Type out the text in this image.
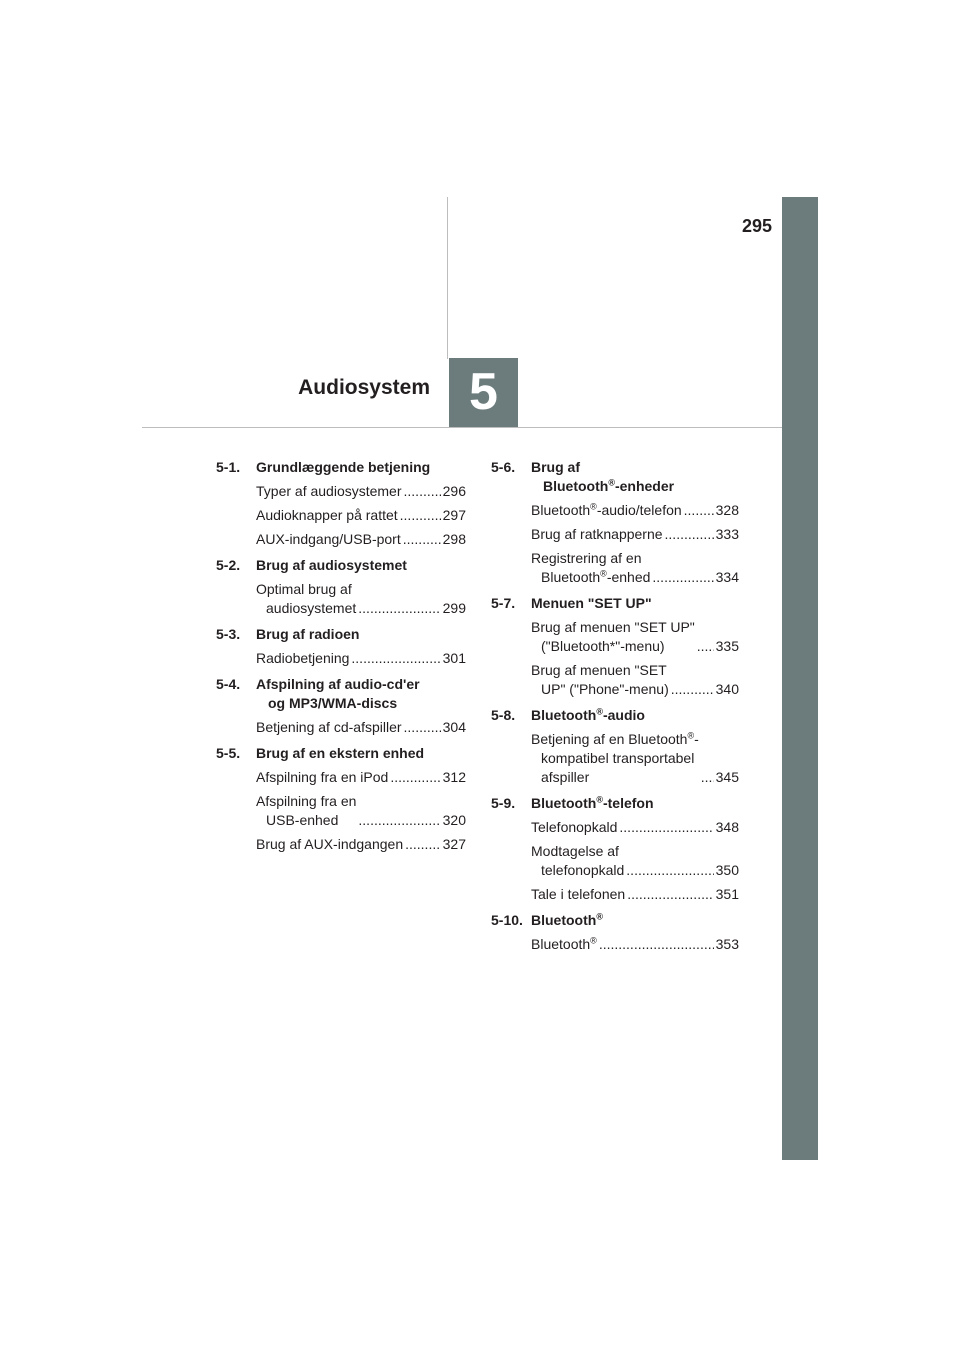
295
Audiosystem 5
5-1.	Grundlæggende betjening
Typer af audiosystemer .....	296
Audioknapper på rattet .....	297
AUX-indgang/USB-port .....	298
5-2.	Brug af audiosystemet
Optimal brug af
audiosystemet .....	299
5-3.	Brug af radioen
Radiobetjening .....	301
5-4.	Afspilning af audio-cd'er
og MP3/WMA-discs
Betjening af cd-afspiller .....	304
5-5.	Brug af en ekstern enhed
Afspilning fra en iPod .....	312
Afspilning fra en
USB-enhed .....	320
Brug af AUX-indgangen .....	327
5-6.	Brug af
Bluetooth®-enheder
Bluetooth®-audio/telefon ..... 328
Brug af ratknapperne .....	333
Registrering af en
Bluetooth®-enhed .....	334
5-7.	Menuen "SET UP"
Brug af menuen "SET UP"
("Bluetooth*"-menu) .....	335
Brug af menuen "SET
UP" ("Phone"-menu) .....	340
5-8.	Bluetooth®-audio
Betjening af en Bluetooth®-
kompatibel transportabel
afspiller .....	345
5-9.	Bluetooth®-telefon
Telefonopkald .....	348
Modtagelse af
telefonopkald .....	350
Tale i telefonen .....	351
5-10. Bluetooth®
Bluetooth® .....	353
